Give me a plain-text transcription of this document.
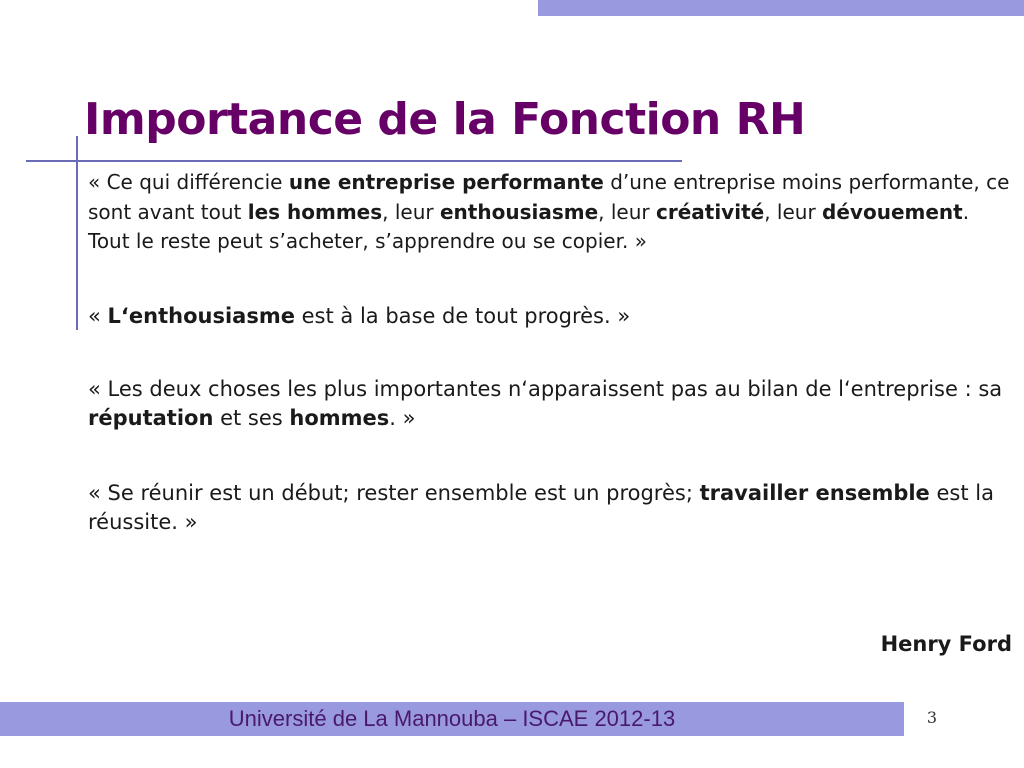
Importance de la Fonction RH

« Ce qui différencie une entreprise performante d’une entreprise moins performante, ce sont avant tout les hommes, leur enthousiasme, leur créativité, leur dévouement. Tout le reste peut s’acheter, s’apprendre ou se copier. »

« L‘enthousiasme est à la base de tout progrès. »

« Les deux choses les plus importantes n‘apparaissent pas au bilan de l‘entreprise : sa réputation et ses hommes. »

« Se réunir est un début; rester ensemble est un progrès; travailler ensemble est la réussite. »

Henry Ford

Université de La Mannouba – ISCAE 2012-13	3
